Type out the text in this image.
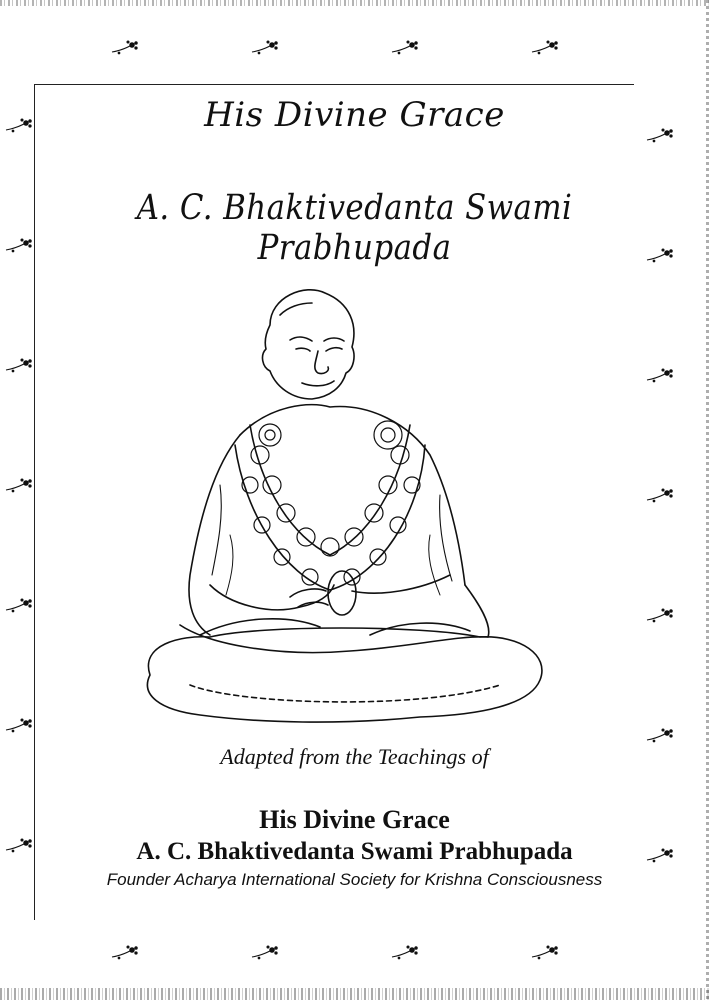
His Divine Grace
A. C. Bhaktivedanta Swami Prabhupada
Adapted from the Teachings of
His Divine Grace
A. C. Bhaktivedanta Swami Prabhupada
Founder Acharya International Society for Krishna Consciousness
